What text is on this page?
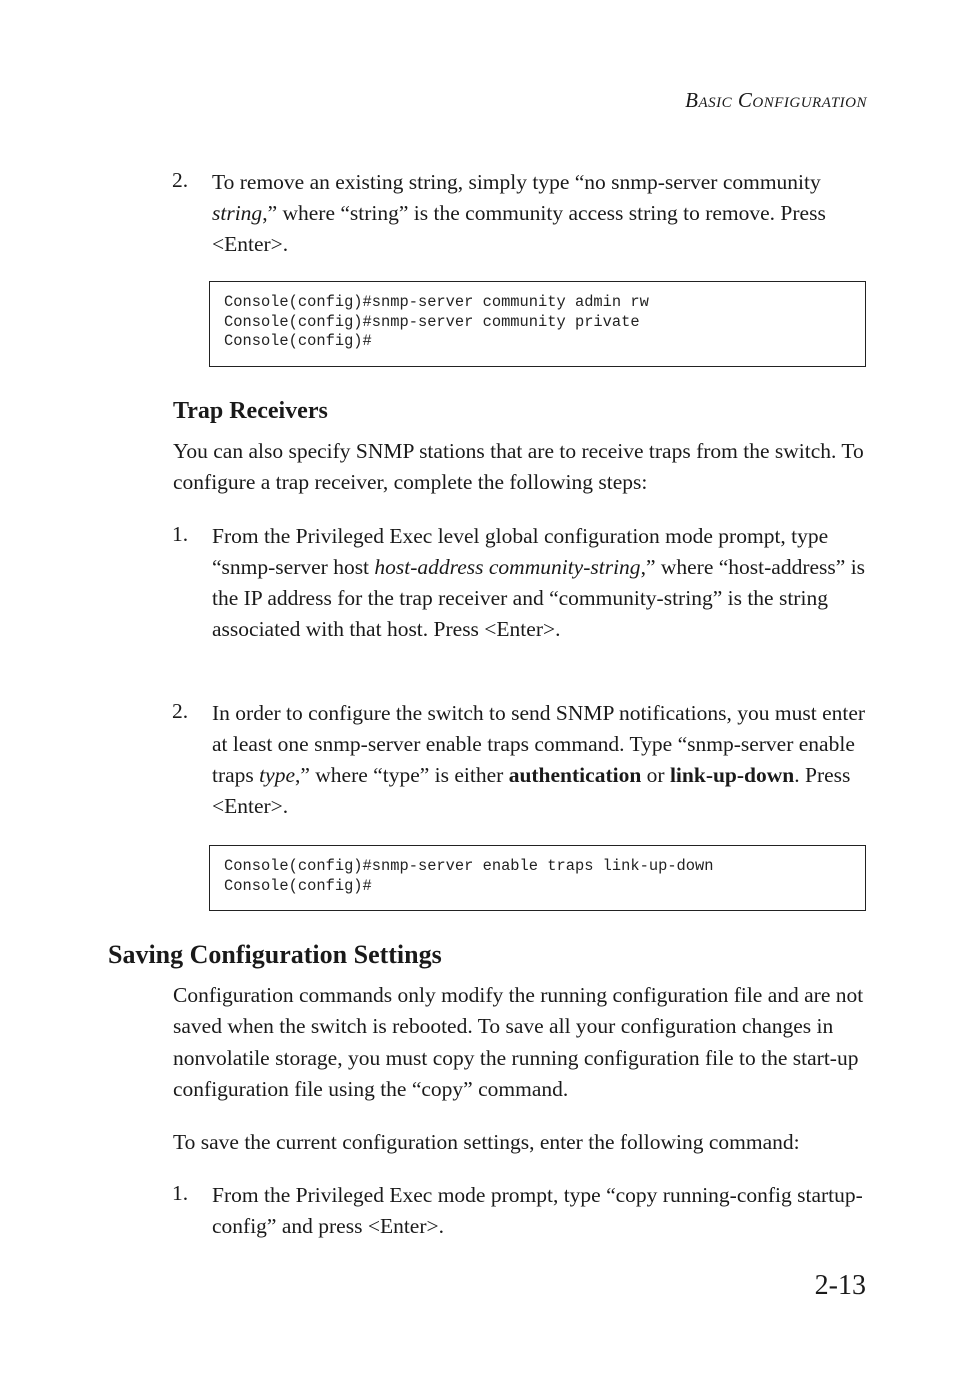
Basic Configuration
2. To remove an existing string, simply type “no snmp-server community string,” where “string” is the community access string to remove. Press <Enter>.
Console(config)#snmp-server community admin rw
Console(config)#snmp-server community private
Console(config)#
Trap Receivers
You can also specify SNMP stations that are to receive traps from the switch. To configure a trap receiver, complete the following steps:
1. From the Privileged Exec level global configuration mode prompt, type “snmp-server host host-address community-string,” where “host-address” is the IP address for the trap receiver and “community-string” is the string associated with that host. Press <Enter>.
2. In order to configure the switch to send SNMP notifications, you must enter at least one snmp-server enable traps command. Type “snmp-server enable traps type,” where “type” is either authentication or link-up-down. Press <Enter>.
Console(config)#snmp-server enable traps link-up-down
Console(config)#
Saving Configuration Settings
Configuration commands only modify the running configuration file and are not saved when the switch is rebooted. To save all your configuration changes in nonvolatile storage, you must copy the running configuration file to the start-up configuration file using the “copy” command.
To save the current configuration settings, enter the following command:
1. From the Privileged Exec mode prompt, type “copy running-config startup-config” and press <Enter>.
2-13
